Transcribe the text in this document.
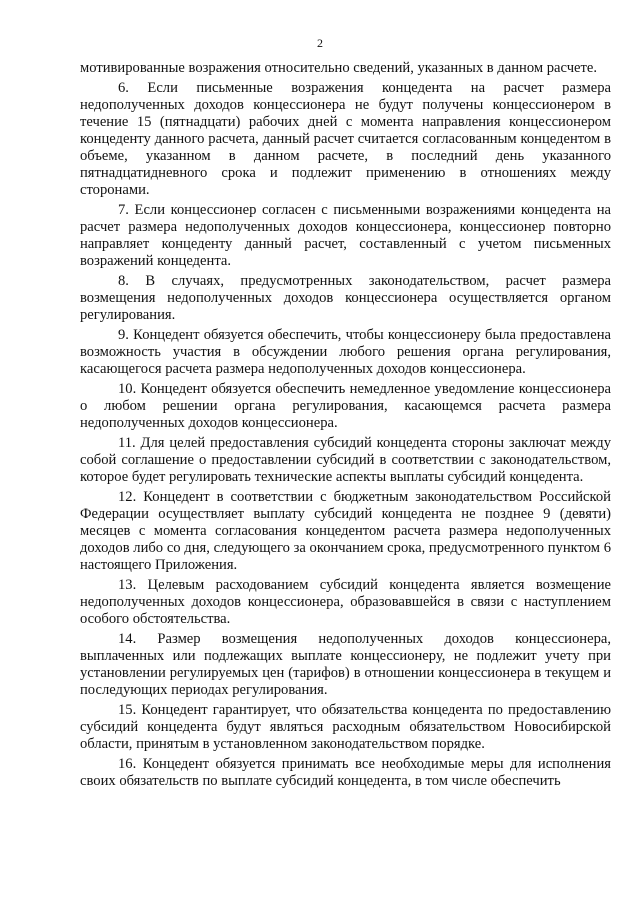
2

мотивированные возражения относительно сведений, указанных в данном расчете.

6. Если письменные возражения концедента на расчет размера недополученных доходов концессионера не будут получены концессионером в течение 15 (пятнадцати) рабочих дней с момента направления концессионером концеденту данного расчета, данный расчет считается согласованным концедентом в объеме, указанном в данном расчете, в последний день указанного пятнадцатидневного срока и подлежит применению в отношениях между сторонами.

7. Если концессионер согласен с письменными возражениями концедента на расчет размера недополученных доходов концессионера, концессионер повторно направляет концеденту данный расчет, составленный с учетом письменных возражений концедента.

8. В случаях, предусмотренных законодательством, расчет размера возмещения недополученных доходов концессионера осуществляется органом регулирования.

9. Концедент обязуется обеспечить, чтобы концессионеру была предоставлена возможность участия в обсуждении любого решения органа регулирования, касающегося расчета размера недополученных доходов концессионера.

10. Концедент обязуется обеспечить немедленное уведомление концессионера о любом решении органа регулирования, касающемся расчета размера недополученных доходов концессионера.

11. Для целей предоставления субсидий концедента стороны заключат между собой соглашение о предоставлении субсидий в соответствии с законодательством, которое будет регулировать технические аспекты выплаты субсидий концедента.

12. Концедент в соответствии с бюджетным законодательством Российской Федерации осуществляет выплату субсидий концедента не позднее 9 (девяти) месяцев с момента согласования концедентом расчета размера недополученных доходов либо со дня, следующего за окончанием срока, предусмотренного пунктом 6 настоящего Приложения.

13. Целевым расходованием субсидий концедента является возмещение недополученных доходов концессионера, образовавшейся в связи с наступлением особого обстоятельства.

14. Размер возмещения недополученных доходов концессионера, выплаченных или подлежащих выплате концессионеру, не подлежит учету при установлении регулируемых цен (тарифов) в отношении концессионера в текущем и последующих периодах регулирования.

15. Концедент гарантирует, что обязательства концедента по предоставлению субсидий концедента будут являться расходным обязательством Новосибирской области, принятым в установленном законодательством порядке.

16. Концедент обязуется принимать все необходимые меры для исполнения своих обязательств по выплате субсидий концедента, в том числе обеспечить
